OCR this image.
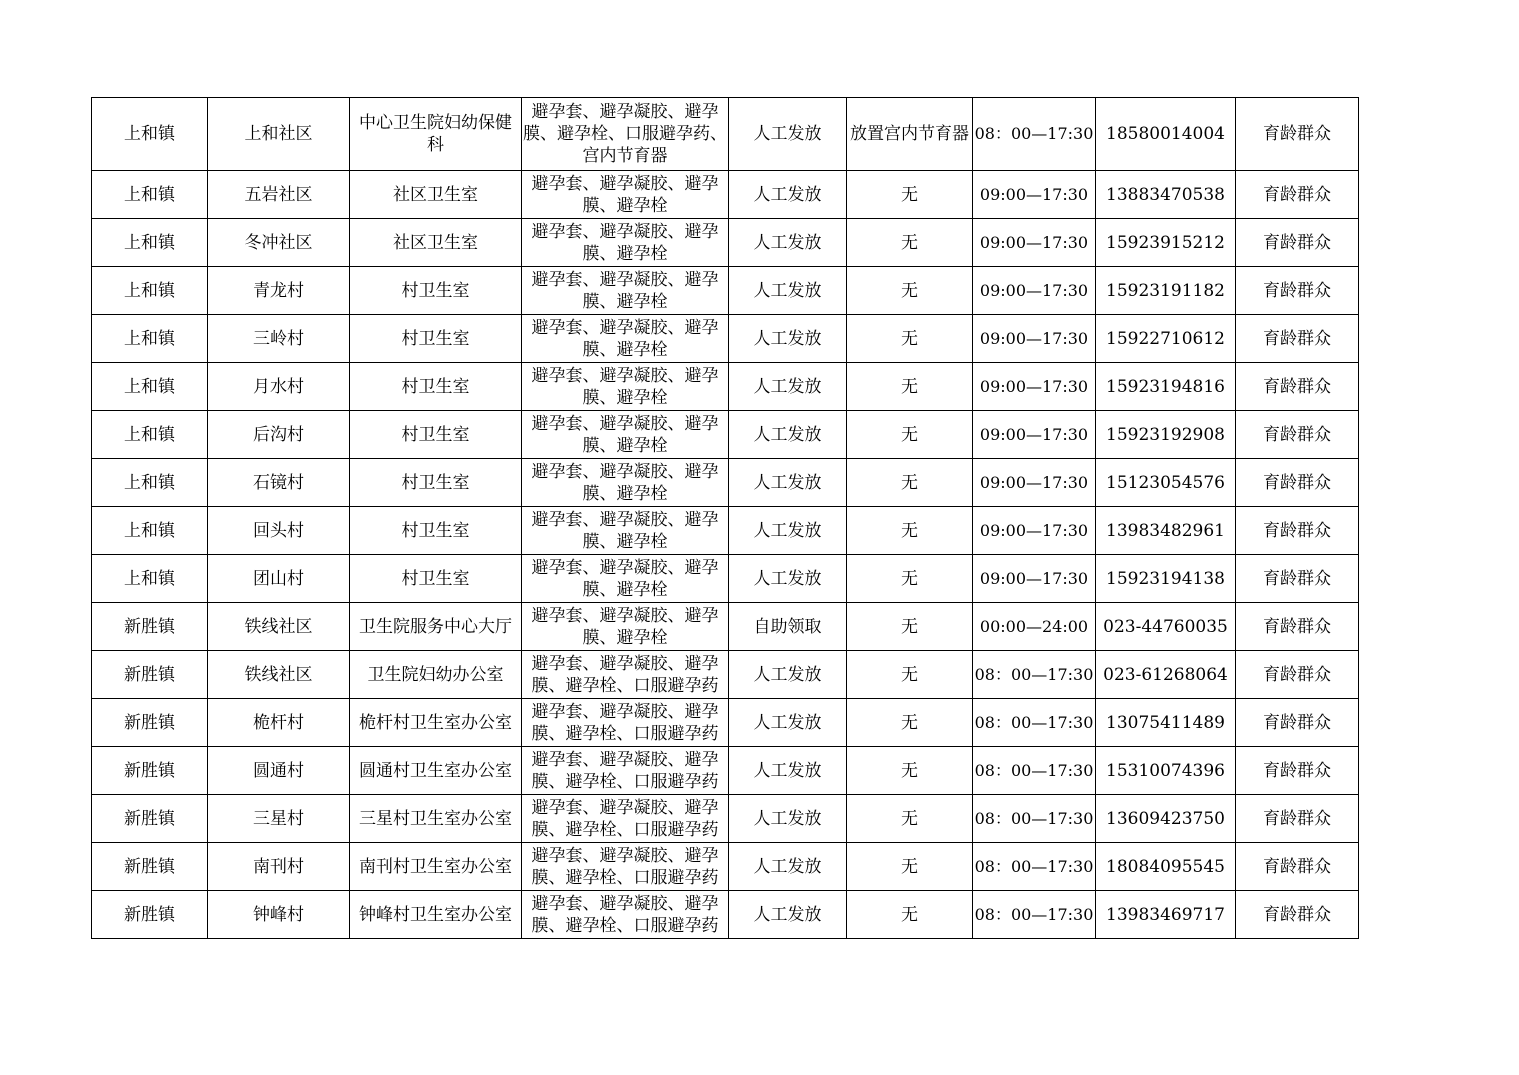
上和镇	上和社区	中心卫生院妇幼保健科	避孕套、避孕凝胶、避孕膜、避孕栓、口服避孕药、宫内节育器	人工发放	放置宫内节育器	08：00—17:30	18580014004	育龄群众
上和镇	五岩社区	社区卫生室	避孕套、避孕凝胶、避孕膜、避孕栓	人工发放	无	09:00—17:30	13883470538	育龄群众
上和镇	冬冲社区	社区卫生室	避孕套、避孕凝胶、避孕膜、避孕栓	人工发放	无	09:00—17:30	15923915212	育龄群众
上和镇	青龙村	村卫生室	避孕套、避孕凝胶、避孕膜、避孕栓	人工发放	无	09:00—17:30	15923191182	育龄群众
上和镇	三岭村	村卫生室	避孕套、避孕凝胶、避孕膜、避孕栓	人工发放	无	09:00—17:30	15922710612	育龄群众
上和镇	月水村	村卫生室	避孕套、避孕凝胶、避孕膜、避孕栓	人工发放	无	09:00—17:30	15923194816	育龄群众
上和镇	后沟村	村卫生室	避孕套、避孕凝胶、避孕膜、避孕栓	人工发放	无	09:00—17:30	15923192908	育龄群众
上和镇	石镜村	村卫生室	避孕套、避孕凝胶、避孕膜、避孕栓	人工发放	无	09:00—17:30	15123054576	育龄群众
上和镇	回头村	村卫生室	避孕套、避孕凝胶、避孕膜、避孕栓	人工发放	无	09:00—17:30	13983482961	育龄群众
上和镇	团山村	村卫生室	避孕套、避孕凝胶、避孕膜、避孕栓	人工发放	无	09:00—17:30	15923194138	育龄群众
新胜镇	铁线社区	卫生院服务中心大厅	避孕套、避孕凝胶、避孕膜、避孕栓	自助领取	无	00:00—24:00	023-44760035	育龄群众
新胜镇	铁线社区	卫生院妇幼办公室	避孕套、避孕凝胶、避孕膜、避孕栓、口服避孕药	人工发放	无	08：00—17:30	023-61268064	育龄群众
新胜镇	桅杆村	桅杆村卫生室办公室	避孕套、避孕凝胶、避孕膜、避孕栓、口服避孕药	人工发放	无	08：00—17:30	13075411489	育龄群众
新胜镇	圆通村	圆通村卫生室办公室	避孕套、避孕凝胶、避孕膜、避孕栓、口服避孕药	人工发放	无	08：00—17:30	15310074396	育龄群众
新胜镇	三星村	三星村卫生室办公室	避孕套、避孕凝胶、避孕膜、避孕栓、口服避孕药	人工发放	无	08：00—17:30	13609423750	育龄群众
新胜镇	南刊村	南刊村卫生室办公室	避孕套、避孕凝胶、避孕膜、避孕栓、口服避孕药	人工发放	无	08：00—17:30	18084095545	育龄群众
新胜镇	钟峰村	钟峰村卫生室办公室	避孕套、避孕凝胶、避孕膜、避孕栓、口服避孕药	人工发放	无	08：00—17:30	13983469717	育龄群众
